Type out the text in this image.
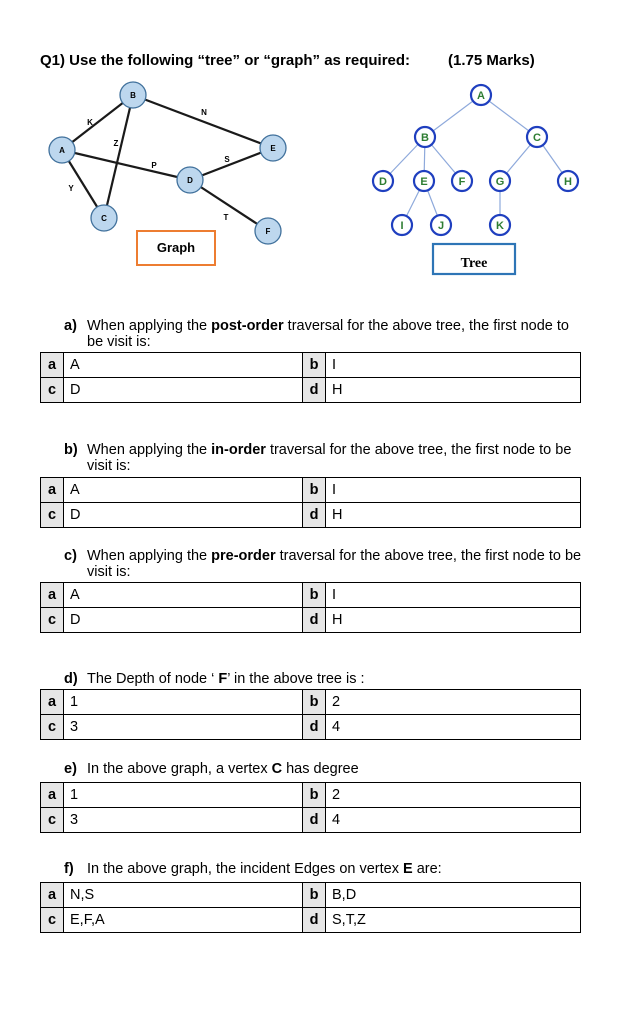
Q1) Use the following “tree” or “graph” as required:	(1.75 Marks)
K
N
Z
P
S
Y
T
A
B
C
D
E
F
Graph
A
B	C
D	E	F	G	H
I	J	K
Tree
a) When applying the post-order traversal for the above tree, the first node to be visit is:
a	A	b	I
c	D	d	H
b) When applying the in-order traversal for the above tree, the first node to be visit is:
a	A	b	I
c	D	d	H
c) When applying the pre-order traversal for the above tree, the first node to be visit is:
a	A	b	I
c	D	d	H
d) The Depth of node ‘ F’ in the above tree is :
a	1	b	2
c	3	d	4
e) In the above graph, a vertex C has degree
a	1	b	2
c	3	d	4
f) In the above graph, the incident Edges on vertex E are:
a	N,S	b	B,D
c	E,F,A	d	S,T,Z
